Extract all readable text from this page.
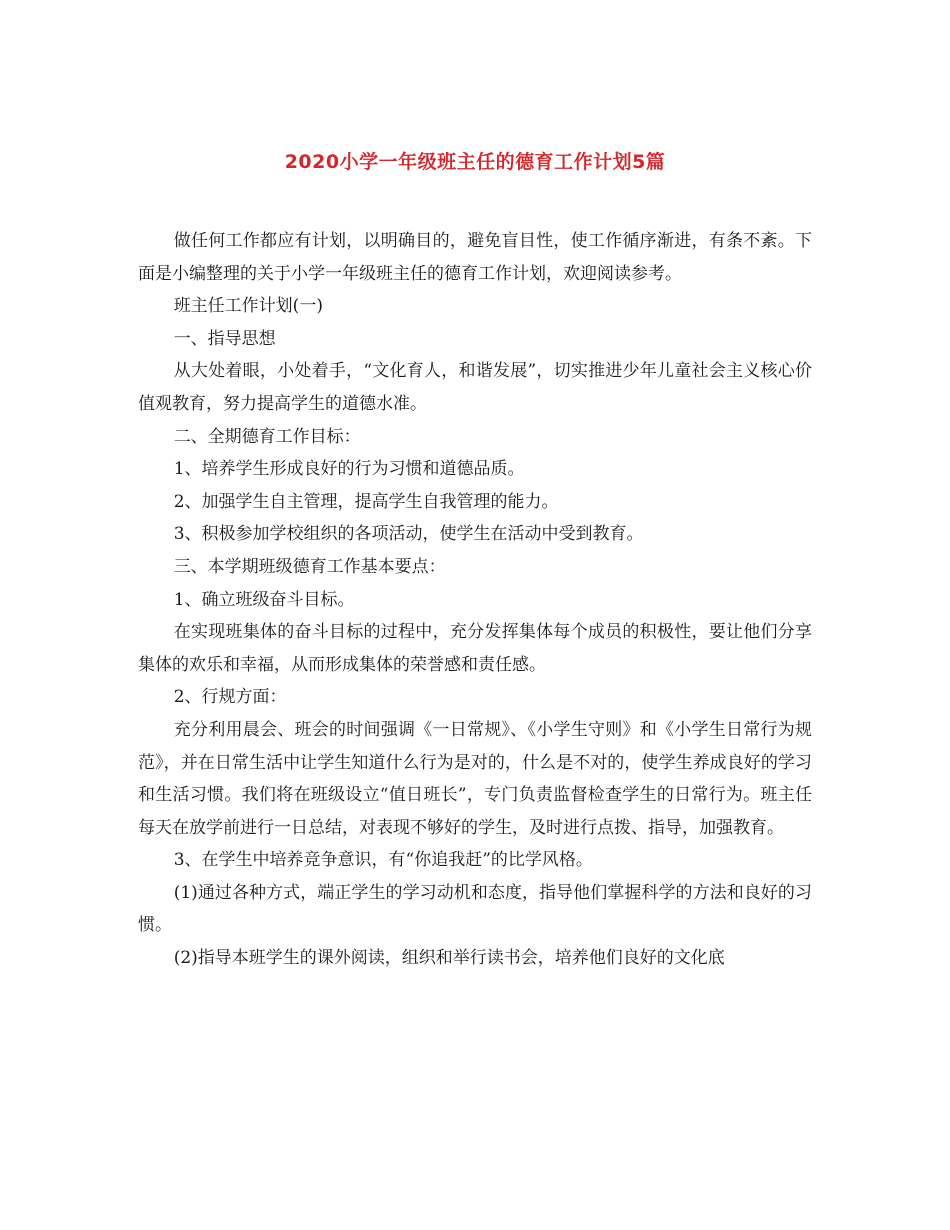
2020小学一年级班主任的德育工作计划5篇

做任何工作都应有计划，以明确目的，避免盲目性，使工作循序渐进，有条不紊。下面是小编整理的关于小学一年级班主任的德育工作计划，欢迎阅读参考。

班主任工作计划(一)

一、指导思想

从大处着眼，小处着手，“文化育人，和谐发展”，切实推进少年儿童社会主义核心价值观教育，努力提高学生的道德水准。

二、全期德育工作目标：

1、培养学生形成良好的行为习惯和道德品质。

2、加强学生自主管理，提高学生自我管理的能力。

3、积极参加学校组织的各项活动，使学生在活动中受到教育。

三、本学期班级德育工作基本要点：

1、确立班级奋斗目标。

在实现班集体的奋斗目标的过程中，充分发挥集体每个成员的积极性，要让他们分享集体的欢乐和幸福，从而形成集体的荣誉感和责任感。

2、行规方面：

充分利用晨会、班会的时间强调《一日常规》、《小学生守则》和《小学生日常行为规范》，并在日常生活中让学生知道什么行为是对的，什么是不对的，使学生养成良好的学习和生活习惯。我们将在班级设立“值日班长”，专门负责监督检查学生的日常行为。班主任每天在放学前进行一日总结，对表现不够好的学生，及时进行点拨、指导，加强教育。

3、在学生中培养竞争意识，有“你追我赶”的比学风格。

(1)通过各种方式，端正学生的学习动机和态度，指导他们掌握科学的方法和良好的习惯。

(2)指导本班学生的课外阅读，组织和举行读书会，培养他们良好的文化底
